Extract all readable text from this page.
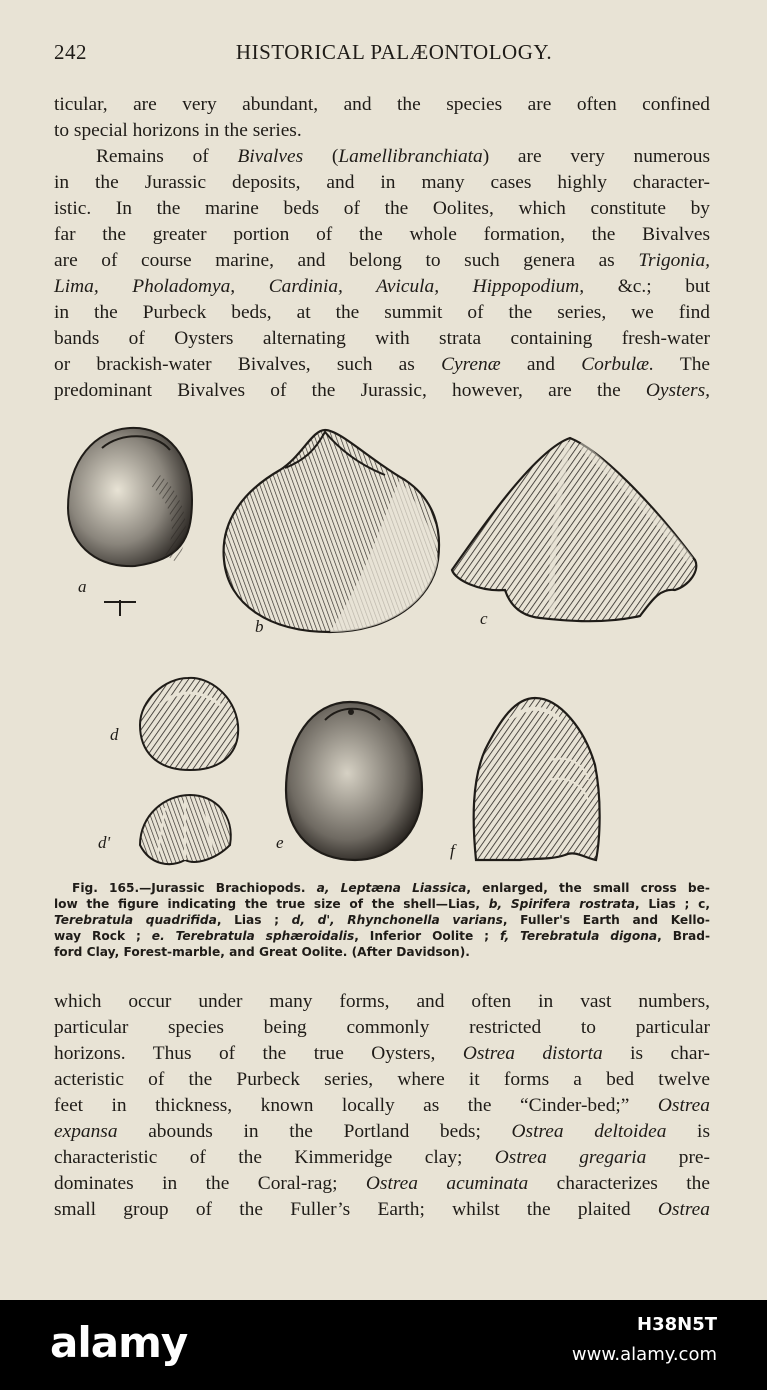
242	HISTORICAL PALÆONTOLOGY.

ticular, are very abundant, and the species are often confined
to special horizons in the series.

Remains of Bivalves (Lamellibranchiata) are very numerous
in the Jurassic deposits, and in many cases highly character-
istic. In the marine beds of the Oolites, which constitute by
far the greater portion of the whole formation, the Bivalves
are of course marine, and belong to such genera as Trigonia,
Lima, Pholadomya, Cardinia, Avicula, Hippopodium, &c.; but
in the Purbeck beds, at the summit of the series, we find
bands of Oysters alternating with strata containing fresh-water
or brackish-water Bivalves, such as Cyrenæ and Corbulæ. The
predominant Bivalves of the Jurassic, however, are the Oysters,

a
b	c
d
d'	e	f
Fig. 165.—Jurassic Brachiopods. a, Leptæna Liassica, enlarged, the small cross be-
low the figure indicating the true size of the shell—Lias, b, Spirifera rostrata, Lias ; c,
Terebratula quadrifida, Lias ; d, d', Rhynchonella varians, Fuller's Earth and Kello-
way Rock ; e. Terebratula sphæroidalis, Inferior Oolite ; f, Terebratula digona, Brad-
ford Clay, Forest-marble, and Great Oolite. (After Davidson).

which occur under many forms, and often in vast numbers,
particular species being commonly restricted to particular
horizons. Thus of the true Oysters, Ostrea distorta is char-
acteristic of the Purbeck series, where it forms a bed twelve
feet in thickness, known locally as the “Cinder-bed;” Ostrea
expansa abounds in the Portland beds; Ostrea deltoidea is
characteristic of the Kimmeridge clay; Ostrea gregaria pre-
dominates in the Coral-rag; Ostrea acuminata characterizes the
small group of the Fuller’s Earth; whilst the plaited Ostrea

alamy	H38N5T
www.alamy.com
